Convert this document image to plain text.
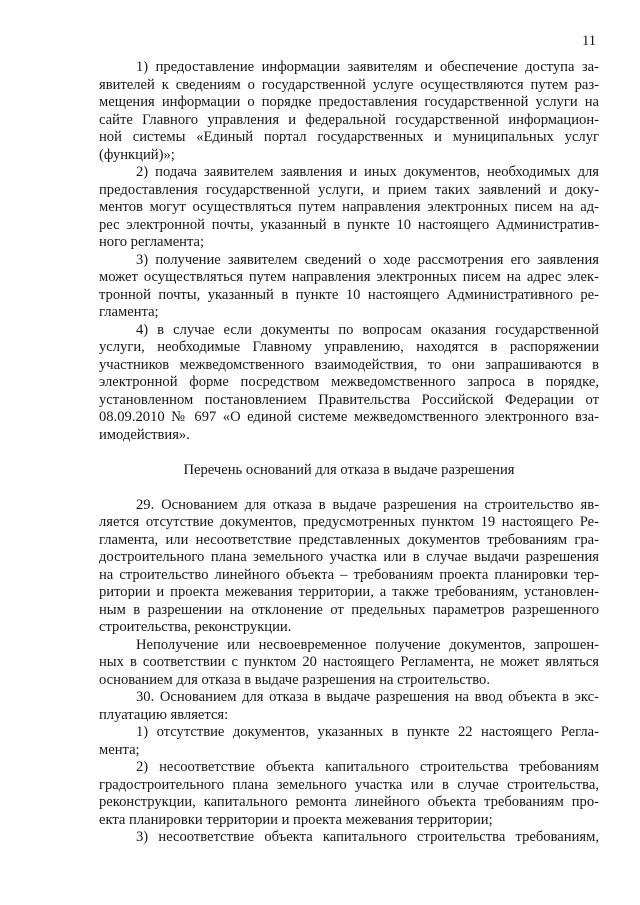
11
1) предоставление информации заявителям и обеспечение доступа за-
явителей к сведениям о государственной услуге осуществляются путем раз-
мещения информации о порядке предоставления государственной услуги на
сайте Главного управления и федеральной государственной информацион-
ной системы «Единый портал государственных и муниципальных услуг
(функций)»;
2) подача заявителем заявления и иных документов, необходимых для
предоставления государственной услуги, и прием таких заявлений и доку-
ментов могут осуществляться путем направления электронных писем на ад-
рес электронной почты, указанный в пункте 10 настоящего Административ-
ного регламента;
3) получение заявителем сведений о ходе рассмотрения его заявления
может осуществляться путем направления электронных писем на адрес элек-
тронной почты, указанный в пункте 10 настоящего Административного ре-
гламента;
4) в случае если документы по вопросам оказания государственной
услуги, необходимые Главному управлению, находятся в распоряжении
участников межведомственного взаимодействия, то они запрашиваются в
электронной форме посредством межведомственного запроса в порядке,
установленном постановлением Правительства Российской Федерации от
08.09.2010 № 697 «О единой системе межведомственного электронного вза-
имодействия».
Перечень оснований для отказа в выдаче разрешения
29. Основанием для отказа в выдаче разрешения на строительство яв-
ляется отсутствие документов, предусмотренных пунктом 19 настоящего Ре-
гламента, или несоответствие представленных документов требованиям гра-
достроительного плана земельного участка или в случае выдачи разрешения
на строительство линейного объекта – требованиям проекта планировки тер-
ритории и проекта межевания территории, а также требованиям, установлен-
ным в разрешении на отклонение от предельных параметров разрешенного
строительства, реконструкции.
Неполучение или несвоевременное получение документов, запрошен-
ных в соответствии с пунктом 20 настоящего Регламента, не может являться
основанием для отказа в выдаче разрешения на строительство.
30. Основанием для отказа в выдаче разрешения на ввод объекта в экс-
плуатацию является:
1) отсутствие документов, указанных в пункте 22 настоящего Регла-
мента;
2) несоответствие объекта капитального строительства требованиям
градостроительного плана земельного участка или в случае строительства,
реконструкции, капитального ремонта линейного объекта требованиям про-
екта планировки территории и проекта межевания территории;
3) несоответствие объекта капитального строительства требованиям,
